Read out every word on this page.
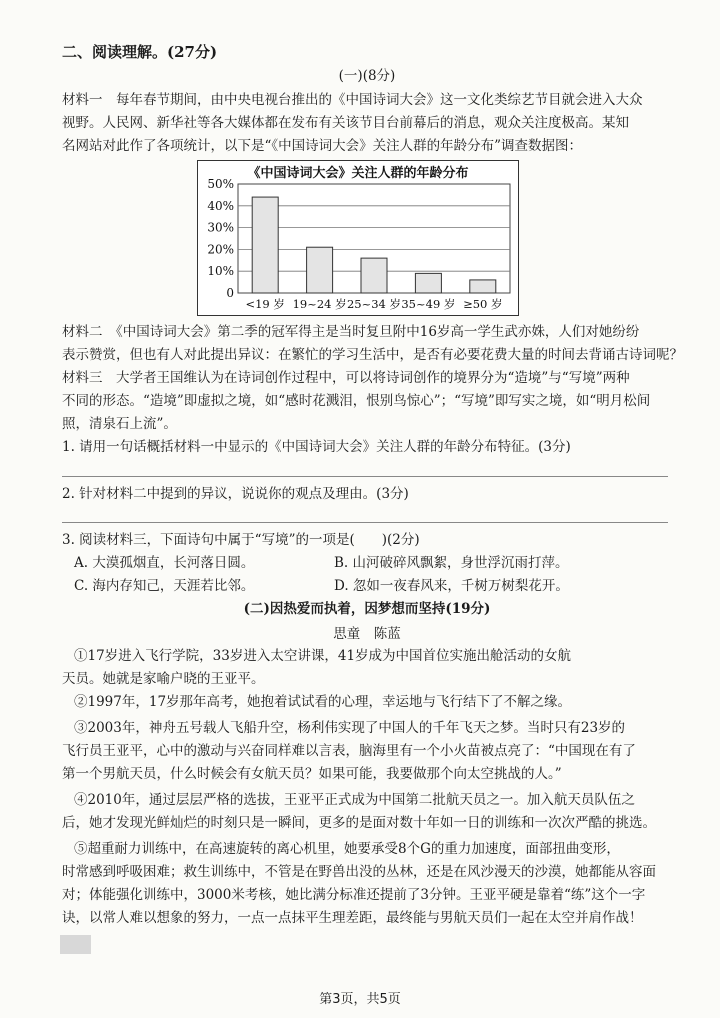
二、阅读理解。(27分)
(一)(8分)
材料一　每年春节期间，由中央电视台推出的《中国诗词大会》这一文化类综艺节目就会进入大众
视野。人民网、新华社等各大媒体都在发布有关该节目台前幕后的消息，观众关注度极高。某知
名网站对此作了各项统计，以下是“《中国诗词大会》关注人群的年龄分布”调查数据图：
《中国诗词大会》关注人群的年龄分布
0
10%
20%
30%
40%
50%
<19 岁 19~24 岁 25~34 岁 35~49 岁 ≥50 岁
材料二　《中国诗词大会》第二季的冠军得主是当时复旦附中16岁高一学生武亦姝，人们对她纷纷
表示赞赏，但也有人对此提出异议：在繁忙的学习生活中，是否有必要花费大量的时间去背诵古诗词呢？
材料三　大学者王国维认为在诗词创作过程中，可以将诗词创作的境界分为“造境”与“写境”两种
不同的形态。“造境”即虚拟之境，如“感时花溅泪，恨别鸟惊心”；“写境”即写实之境，如“明月松间
照，清泉石上流”。
1. 请用一句话概括材料一中显示的《中国诗词大会》关注人群的年龄分布特征。(3分)
2. 针对材料二中提到的异议，说说你的观点及理由。(3分)
3. 阅读材料三，下面诗句中属于“写境”的一项是(　　)(2分)
A. 大漠孤烟直，长河落日圆。	B. 山河破碎风飘絮，身世浮沉雨打萍。
C. 海内存知己，天涯若比邻。	D. 忽如一夜春风来，千树万树梨花开。
(二)因热爱而执着，因梦想而坚持(19分)
思童　陈蓝
①17岁进入飞行学院，33岁进入太空讲课，41岁成为中国首位实施出舱活动的女航
天员。她就是家喻户晓的王亚平。
②1997年，17岁那年高考，她抱着试试看的心理，幸运地与飞行结下了不解之缘。
③2003年，神舟五号载人飞船升空，杨利伟实现了中国人的千年飞天之梦。当时只有23岁的
飞行员王亚平，心中的激动与兴奋同样难以言表，脑海里有一个小火苗被点亮了：“中国现在有了
第一个男航天员，什么时候会有女航天员？如果可能，我要做那个向太空挑战的人。”
④2010年，通过层层严格的选拔，王亚平正式成为中国第二批航天员之一。加入航天员队伍之
后，她才发现光鲜灿烂的时刻只是一瞬间，更多的是面对数十年如一日的训练和一次次严酷的挑选。
⑤超重耐力训练中，在高速旋转的离心机里，她要承受8个G的重力加速度，面部扭曲变形，
时常感到呼吸困难；救生训练中，不管是在野兽出没的丛林，还是在风沙漫天的沙漠，她都能从容面
对；体能强化训练中，3000米考核，她比满分标准还提前了3分钟。王亚平硬是靠着“练”这个一字
诀，以常人难以想象的努力，一点一点抹平生理差距，最终能与男航天员们一起在太空并肩作战！
第3页，共5页
